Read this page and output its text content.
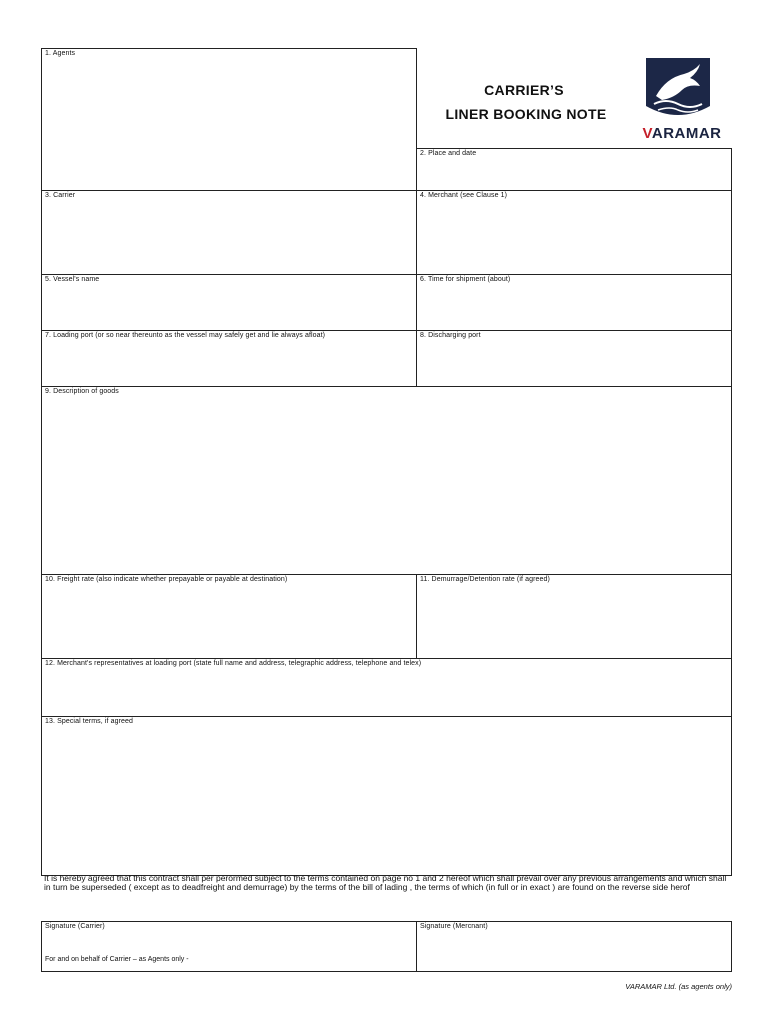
1. Agents
CARRIER’S
LINER BOOKING NOTE
VARAMAR
2. Place and date
3. Carrier	4. Merchant (see Clause 1)
5. Vessel's name	6. Time for shipment (about)
7. Loading port (or so near thereunto as the vessel may safely get and lie always afloat)	8. Discharging port
9. Description of goods
10. Freight rate (also indicate whether prepayable or payable at destination)	11. Demurrage/Detention rate (if agreed)
12. Merchant's representatives at loading port (state full name and address, telegraphic address, telephone and telex)
13. Special terms, if agreed
It is hereby agreed that this contract shall per perormed subject to the terms contained on page no 1 and 2 hereof which shall prevail over any previous arrangements and which shall in turn be superseded ( except as to deadfreight and demurrage) by the terms of the bill of lading , the terms of which (in full or in exact ) are found on the reverse side herof
Signature (Carrier)
For and on behalf of Carrier – as Agents only -
Signature (Mercnant)
VARAMAR Ltd. (as agents only)
